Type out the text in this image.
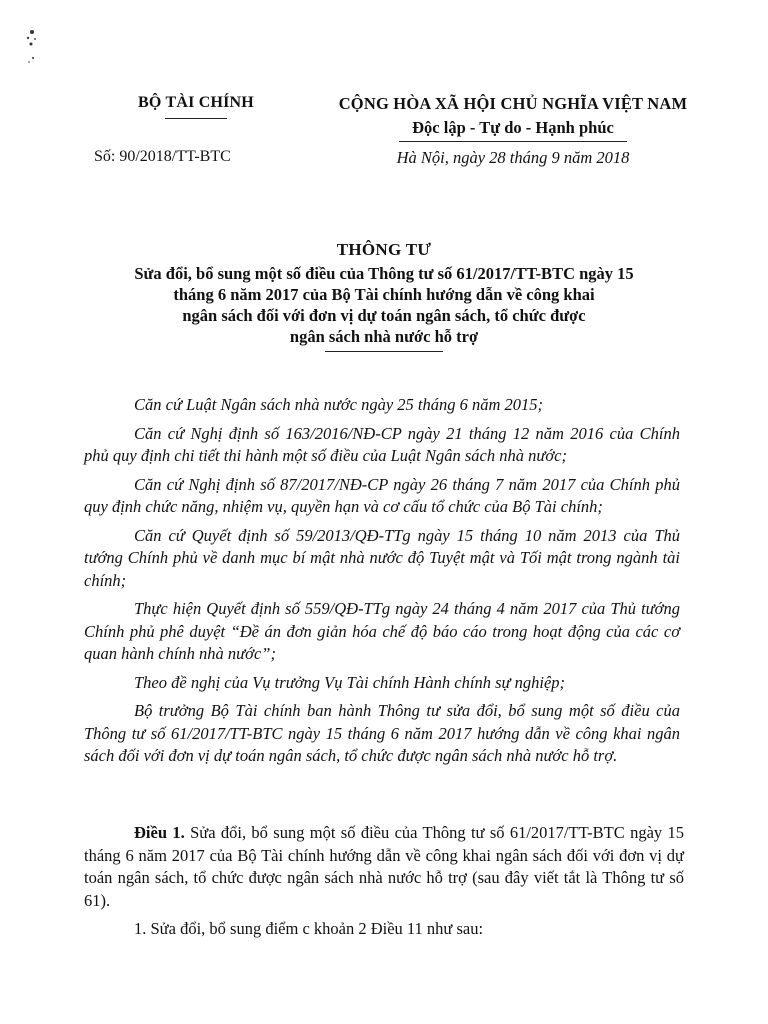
BỘ TÀI CHÍNH
Số: 90/2018/TT-BTC
CỘNG HÒA XÃ HỘI CHỦ NGHĨA VIỆT NAM
Độc lập - Tự do - Hạnh phúc
Hà Nội, ngày 28 tháng 9 năm 2018
THÔNG TƯ
Sửa đổi, bổ sung một số điều của Thông tư số 61/2017/TT-BTC ngày 15
tháng 6 năm 2017 của Bộ Tài chính hướng dẫn về công khai
ngân sách đối với đơn vị dự toán ngân sách, tổ chức được
ngân sách nhà nước hỗ trợ

Căn cứ Luật Ngân sách nhà nước ngày 25 tháng 6 năm 2015;

Căn cứ Nghị định số 163/2016/NĐ-CP ngày 21 tháng 12 năm 2016 của Chính phủ quy định chi tiết thi hành một số điều của Luật Ngân sách nhà nước;

Căn cứ Nghị định số 87/2017/NĐ-CP ngày 26 tháng 7 năm 2017 của Chính phủ quy định chức năng, nhiệm vụ, quyền hạn và cơ cấu tổ chức của Bộ Tài chính;

Căn cứ Quyết định số 59/2013/QĐ-TTg ngày 15 tháng 10 năm 2013 của Thủ tướng Chính phủ về danh mục bí mật nhà nước độ Tuyệt mật và Tối mật trong ngành tài chính;

Thực hiện Quyết định số 559/QĐ-TTg ngày 24 tháng 4 năm 2017 của Thủ tướng Chính phủ phê duyệt “Đề án đơn giản hóa chế độ báo cáo trong hoạt động của các cơ quan hành chính nhà nước”;

Theo đề nghị của Vụ trưởng Vụ Tài chính Hành chính sự nghiệp;

Bộ trưởng Bộ Tài chính ban hành Thông tư sửa đổi, bổ sung một số điều của Thông tư số 61/2017/TT-BTC ngày 15 tháng 6 năm 2017 hướng dẫn về công khai ngân sách đối với đơn vị dự toán ngân sách, tổ chức được ngân sách nhà nước hỗ trợ.

Điều 1. Sửa đổi, bổ sung một số điều của Thông tư số 61/2017/TT-BTC ngày 15 tháng 6 năm 2017 của Bộ Tài chính hướng dẫn về công khai ngân sách đối với đơn vị dự toán ngân sách, tổ chức được ngân sách nhà nước hỗ trợ (sau đây viết tắt là Thông tư số 61).

1. Sửa đổi, bổ sung điểm c khoản 2 Điều 11 như sau:
